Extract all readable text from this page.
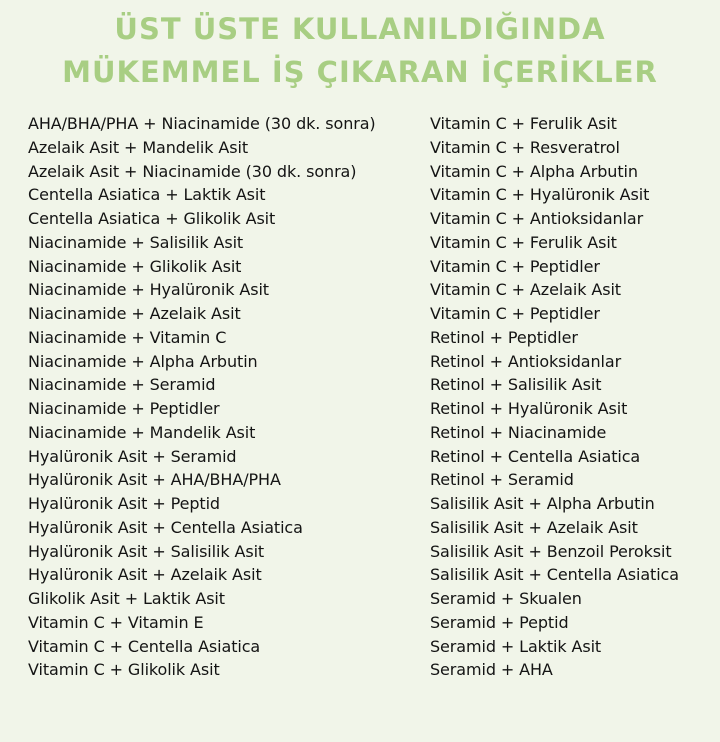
ÜST ÜSTE KULLANILDIĞINDA
MÜKEMMEL İŞ ÇIKARAN İÇERİKLER
AHA/BHA/PHA + Niacinamide (30 dk. sonra)
Azelaik Asit + Mandelik Asit
Azelaik Asit + Niacinamide (30 dk. sonra)
Centella Asiatica + Laktik Asit
Centella Asiatica + Glikolik Asit
Niacinamide + Salisilik Asit
Niacinamide + Glikolik Asit
Niacinamide + Hyalüronik Asit
Niacinamide + Azelaik Asit
Niacinamide + Vitamin C
Niacinamide + Alpha Arbutin
Niacinamide + Seramid
Niacinamide + Peptidler
Niacinamide + Mandelik Asit
Hyalüronik Asit + Seramid
Hyalüronik Asit + AHA/BHA/PHA
Hyalüronik Asit + Peptid
Hyalüronik Asit + Centella Asiatica
Hyalüronik Asit + Salisilik Asit
Hyalüronik Asit + Azelaik Asit
Glikolik Asit + Laktik Asit
Vitamin C + Vitamin E
Vitamin C + Centella Asiatica
Vitamin C + Glikolik Asit
Vitamin C + Ferulik Asit
Vitamin C + Resveratrol
Vitamin C + Alpha Arbutin
Vitamin C + Hyalüronik Asit
Vitamin C + Antioksidanlar
Vitamin C + Ferulik Asit
Vitamin C + Peptidler
Vitamin C + Azelaik Asit
Vitamin C + Peptidler
Retinol + Peptidler
Retinol + Antioksidanlar
Retinol + Salisilik Asit
Retinol + Hyalüronik Asit
Retinol + Niacinamide
Retinol + Centella Asiatica
Retinol + Seramid
Salisilik Asit + Alpha Arbutin
Salisilik Asit + Azelaik Asit
Salisilik Asit + Benzoil Peroksit
Salisilik Asit + Centella Asiatica
Seramid + Skualen
Seramid + Peptid
Seramid + Laktik Asit
Seramid + AHA
